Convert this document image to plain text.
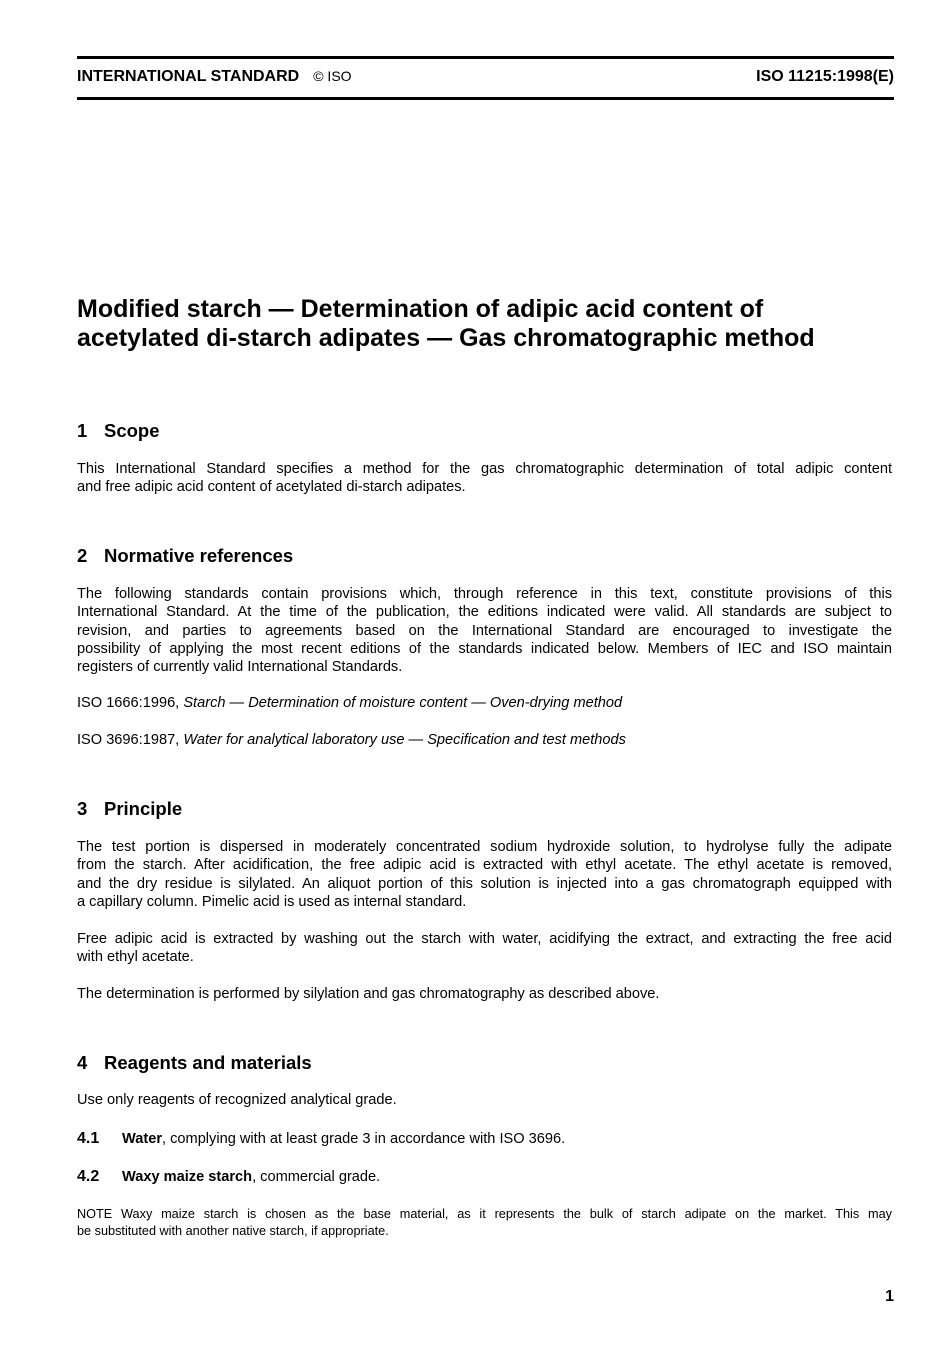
INTERNATIONAL STANDARD © ISO	ISO 11215:1998(E)
Modified starch — Determination of adipic acid content of
acetylated di-starch adipates — Gas chromatographic method
1 Scope

This International Standard specifies a method for the gas chromatographic determination of total adipic content
and free adipic acid content of acetylated di-starch adipates.

2 Normative references

The following standards contain provisions which, through reference in this text, constitute provisions of this
International Standard. At the time of the publication, the editions indicated were valid. All standards are subject to
revision, and parties to agreements based on the International Standard are encouraged to investigate the
possibility of applying the most recent editions of the standards indicated below. Members of IEC and ISO maintain
registers of currently valid International Standards.

ISO 1666:1996, Starch — Determination of moisture content — Oven-drying method

ISO 3696:1987, Water for analytical laboratory use — Specification and test methods

3 Principle

The test portion is dispersed in moderately concentrated sodium hydroxide solution, to hydrolyse fully the adipate
from the starch. After acidification, the free adipic acid is extracted with ethyl acetate. The ethyl acetate is removed,
and the dry residue is silylated. An aliquot portion of this solution is injected into a gas chromatograph equipped with
a capillary column. Pimelic acid is used as internal standard.

Free adipic acid is extracted by washing out the starch with water, acidifying the extract, and extracting the free acid
with ethyl acetate.

The determination is performed by silylation and gas chromatography as described above.

4 Reagents and materials

Use only reagents of recognized analytical grade.

4.1 Water, complying with at least grade 3 in accordance with ISO 3696.

4.2 Waxy maize starch, commercial grade.

NOTE Waxy maize starch is chosen as the base material, as it represents the bulk of starch adipate on the market. This may
be substituted with another native starch, if appropriate.

1
